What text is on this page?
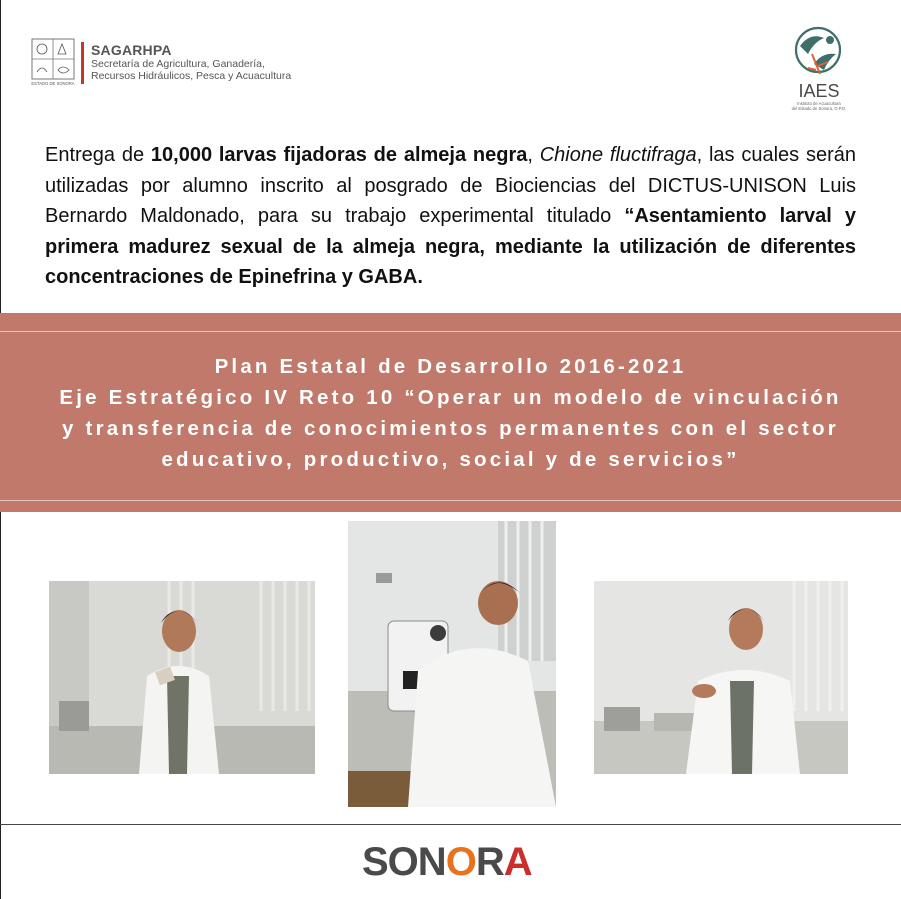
ESTADO DE SONORA
SAGARHPA
Secretaría de Agricultura, Ganadería,
Recursos Hidráulicos, Pesca y Acuacultura
IAES
Instituto de Acuacultura
del Estado de Sonora, O.P.D.
Entrega de 10,000 larvas fijadoras de almeja negra, Chione fluctifraga, las cuales serán utilizadas por alumno inscrito al posgrado de Biociencias del DICTUS-UNISON Luis Bernardo Maldonado, para su trabajo experimental titulado “Asentamiento larval y primera madurez sexual de la almeja negra, mediante la utilización de diferentes concentraciones de Epinefrina y GABA.
Plan Estatal de Desarrollo 2016-2021
Eje Estratégico IV Reto 10 “Operar un modelo de vinculación
y transferencia de conocimientos permanentes con el sector
educativo, productivo, social y de servicios”
SONORA
